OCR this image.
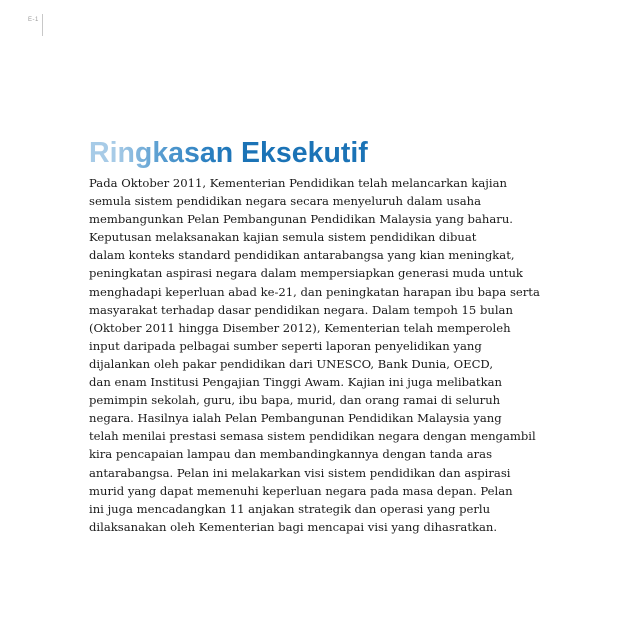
E-1
Ringkasan Eksekutif

Pada Oktober 2011, Kementerian Pendidikan telah melancarkan kajian
semula sistem pendidikan negara secara menyeluruh dalam usaha
membangunkan Pelan Pembangunan Pendidikan Malaysia yang baharu.
Keputusan melaksanakan kajian semula sistem pendidikan dibuat
dalam konteks standard pendidikan antarabangsa yang kian meningkat,
peningkatan aspirasi negara dalam mempersiapkan generasi muda untuk
menghadapi keperluan abad ke-21, dan peningkatan harapan ibu bapa serta
masyarakat terhadap dasar pendidikan negara. Dalam tempoh 15 bulan
(Oktober 2011 hingga Disember 2012), Kementerian telah memperoleh
input daripada pelbagai sumber seperti laporan penyelidikan yang
dijalankan oleh pakar pendidikan dari UNESCO, Bank Dunia, OECD,
dan enam Institusi Pengajian Tinggi Awam. Kajian ini juga melibatkan
pemimpin sekolah, guru, ibu bapa, murid, dan orang ramai di seluruh
negara. Hasilnya ialah Pelan Pembangunan Pendidikan Malaysia yang
telah menilai prestasi semasa sistem pendidikan negara dengan mengambil
kira pencapaian lampau dan membandingkannya dengan tanda aras
antarabangsa. Pelan ini melakarkan visi sistem pendidikan dan aspirasi
murid yang dapat memenuhi keperluan negara pada masa depan. Pelan
ini juga mencadangkan 11 anjakan strategik dan operasi yang perlu
dilaksanakan oleh Kementerian bagi mencapai visi yang dihasratkan.
